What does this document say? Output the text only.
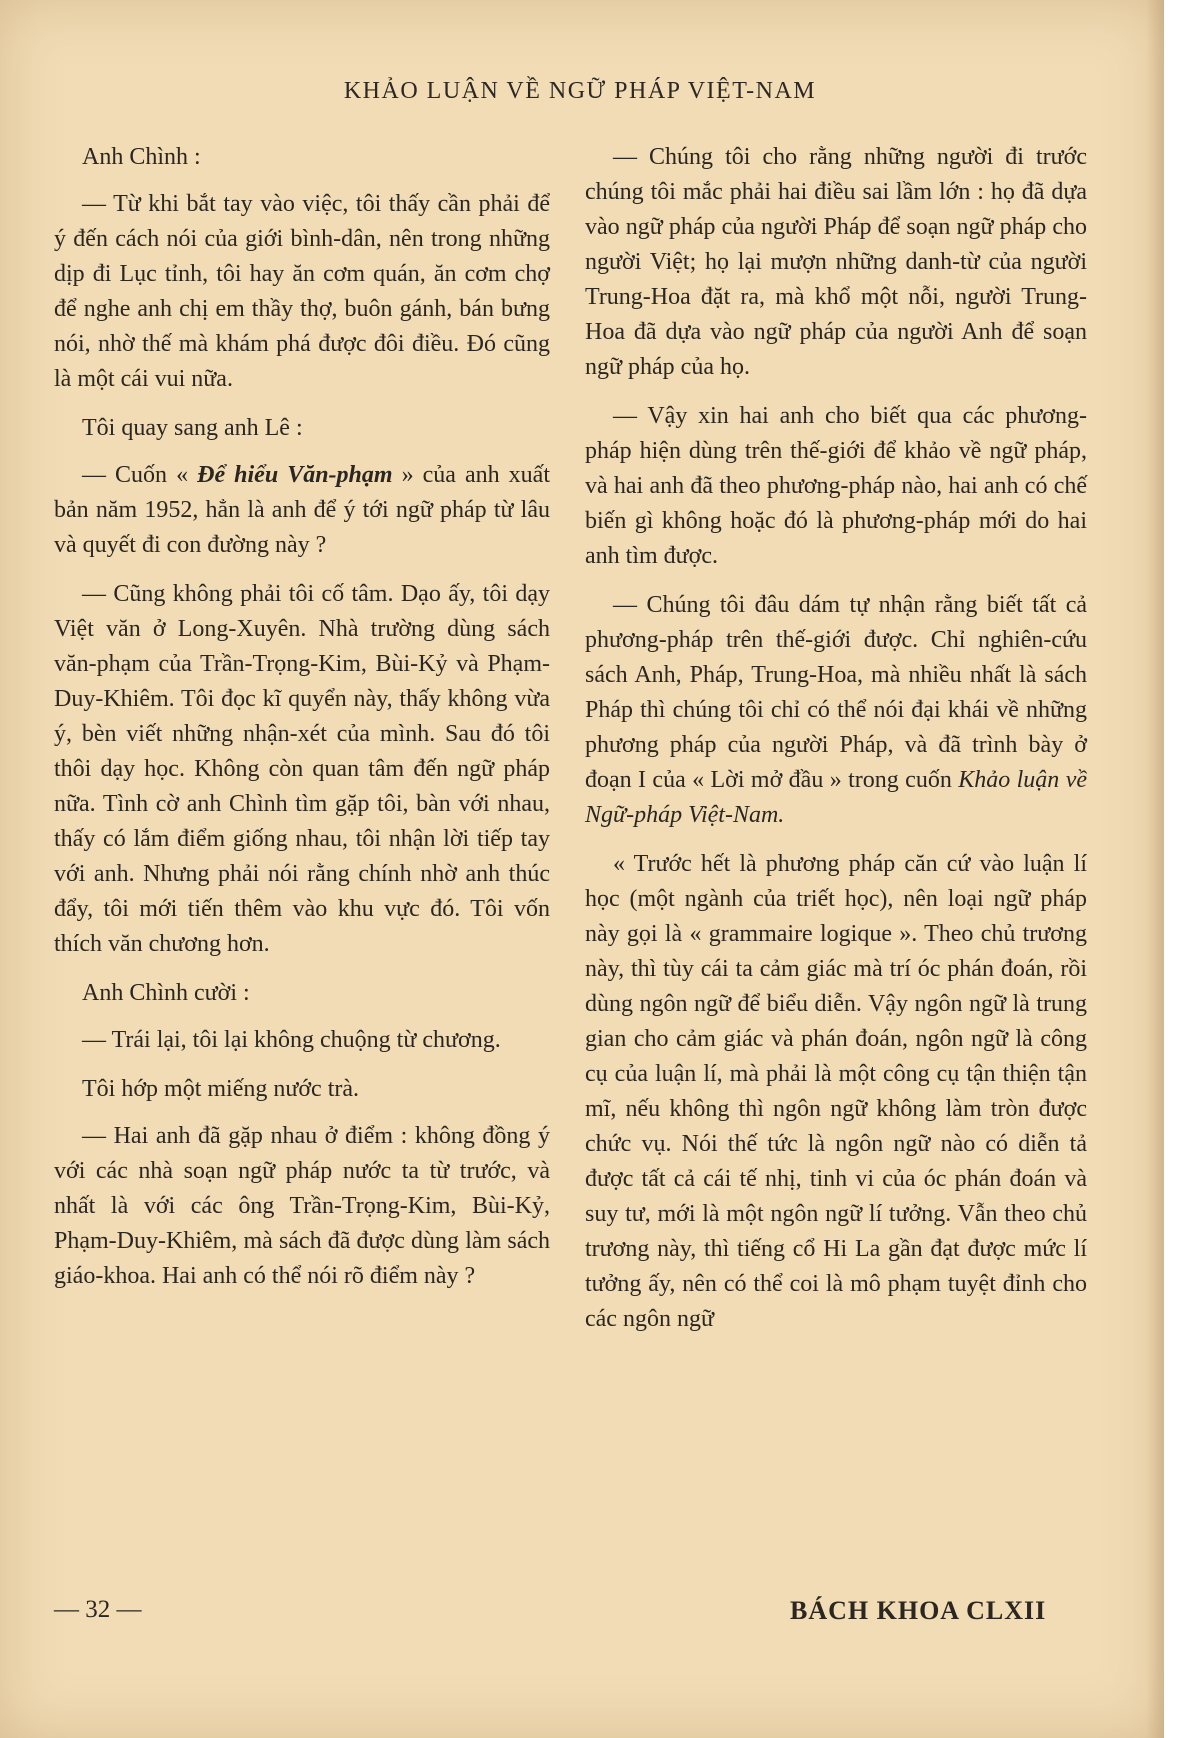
KHẢO LUẬN VỀ NGỮ PHÁP VIỆT-NAM

Anh Chình :

— Từ khi bắt tay vào việc, tôi thấy cần phải để ý đến cách nói của giới bình-dân, nên trong những dịp đi Lục tỉnh, tôi hay ăn cơm quán, ăn cơm chợ để nghe anh chị em thầy thợ, buôn gánh, bán bưng nói, nhờ thế mà khám phá được đôi điều. Đó cũng là một cái vui nữa.

Tôi quay sang anh Lê :

— Cuốn « Để hiểu Văn-phạm » của anh xuất bản năm 1952, hẳn là anh để ý tới ngữ pháp từ lâu và quyết đi con đường này ?

— Cũng không phải tôi cố tâm. Dạo ấy, tôi dạy Việt văn ở Long-Xuyên. Nhà trường dùng sách văn-phạm của Trần-Trọng-Kim, Bùi-Kỷ và Phạm-Duy-Khiêm. Tôi đọc kĩ quyển này, thấy không vừa ý, bèn viết những nhận-xét của mình. Sau đó tôi thôi dạy học. Không còn quan tâm đến ngữ pháp nữa. Tình cờ anh Chình tìm gặp tôi, bàn với nhau, thấy có lắm điểm giống nhau, tôi nhận lời tiếp tay với anh. Nhưng phải nói rằng chính nhờ anh thúc đẩy, tôi mới tiến thêm vào khu vực đó. Tôi vốn thích văn chương hơn.

Anh Chình cười :

— Trái lại, tôi lại không chuộng từ chương.

Tôi hớp một miếng nước trà.

— Hai anh đã gặp nhau ở điểm : không đồng ý với các nhà soạn ngữ pháp nước ta từ trước, và nhất là với các ông Trần-Trọng-Kim, Bùi-Kỷ, Phạm-Duy-Khiêm, mà sách đã được dùng làm sách giáo-khoa. Hai anh có thể nói rõ điểm này ?

— Chúng tôi cho rằng những người đi trước chúng tôi mắc phải hai điều sai lầm lớn : họ đã dựa vào ngữ pháp của người Pháp để soạn ngữ pháp cho người Việt; họ lại mượn những danh-từ của người Trung-Hoa đặt ra, mà khổ một nỗi, người Trung-Hoa đã dựa vào ngữ pháp của người Anh để soạn ngữ pháp của họ.

— Vậy xin hai anh cho biết qua các phương-pháp hiện dùng trên thế-giới để khảo về ngữ pháp, và hai anh đã theo phương-pháp nào, hai anh có chế biến gì không hoặc đó là phương-pháp mới do hai anh tìm được.

— Chúng tôi đâu dám tự nhận rằng biết tất cả phương-pháp trên thế-giới được. Chỉ nghiên-cứu sách Anh, Pháp, Trung-Hoa, mà nhiều nhất là sách Pháp thì chúng tôi chỉ có thể nói đại khái về những phương pháp của người Pháp, và đã trình bày ở đoạn I của « Lời mở đầu » trong cuốn Khảo luận về Ngữ-pháp Việt-Nam.

« Trước hết là phương pháp căn cứ vào luận lí học (một ngành của triết học), nên loại ngữ pháp này gọi là « grammaire logique ». Theo chủ trương này, thì tùy cái ta cảm giác mà trí óc phán đoán, rồi dùng ngôn ngữ để biểu diễn. Vậy ngôn ngữ là trung gian cho cảm giác và phán đoán, ngôn ngữ là công cụ của luận lí, mà phải là một công cụ tận thiện tận mĩ, nếu không thì ngôn ngữ không làm tròn được chức vụ. Nói thế tức là ngôn ngữ nào có diễn tả được tất cả cái tế nhị, tinh vi của óc phán đoán và suy tư, mới là một ngôn ngữ lí tưởng. Vẫn theo chủ trương này, thì tiếng cổ Hi La gần đạt được mức lí tưởng ấy, nên có thể coi là mô phạm tuyệt đỉnh cho các ngôn ngữ

— 32 —	BÁCH KHOA CLXII
